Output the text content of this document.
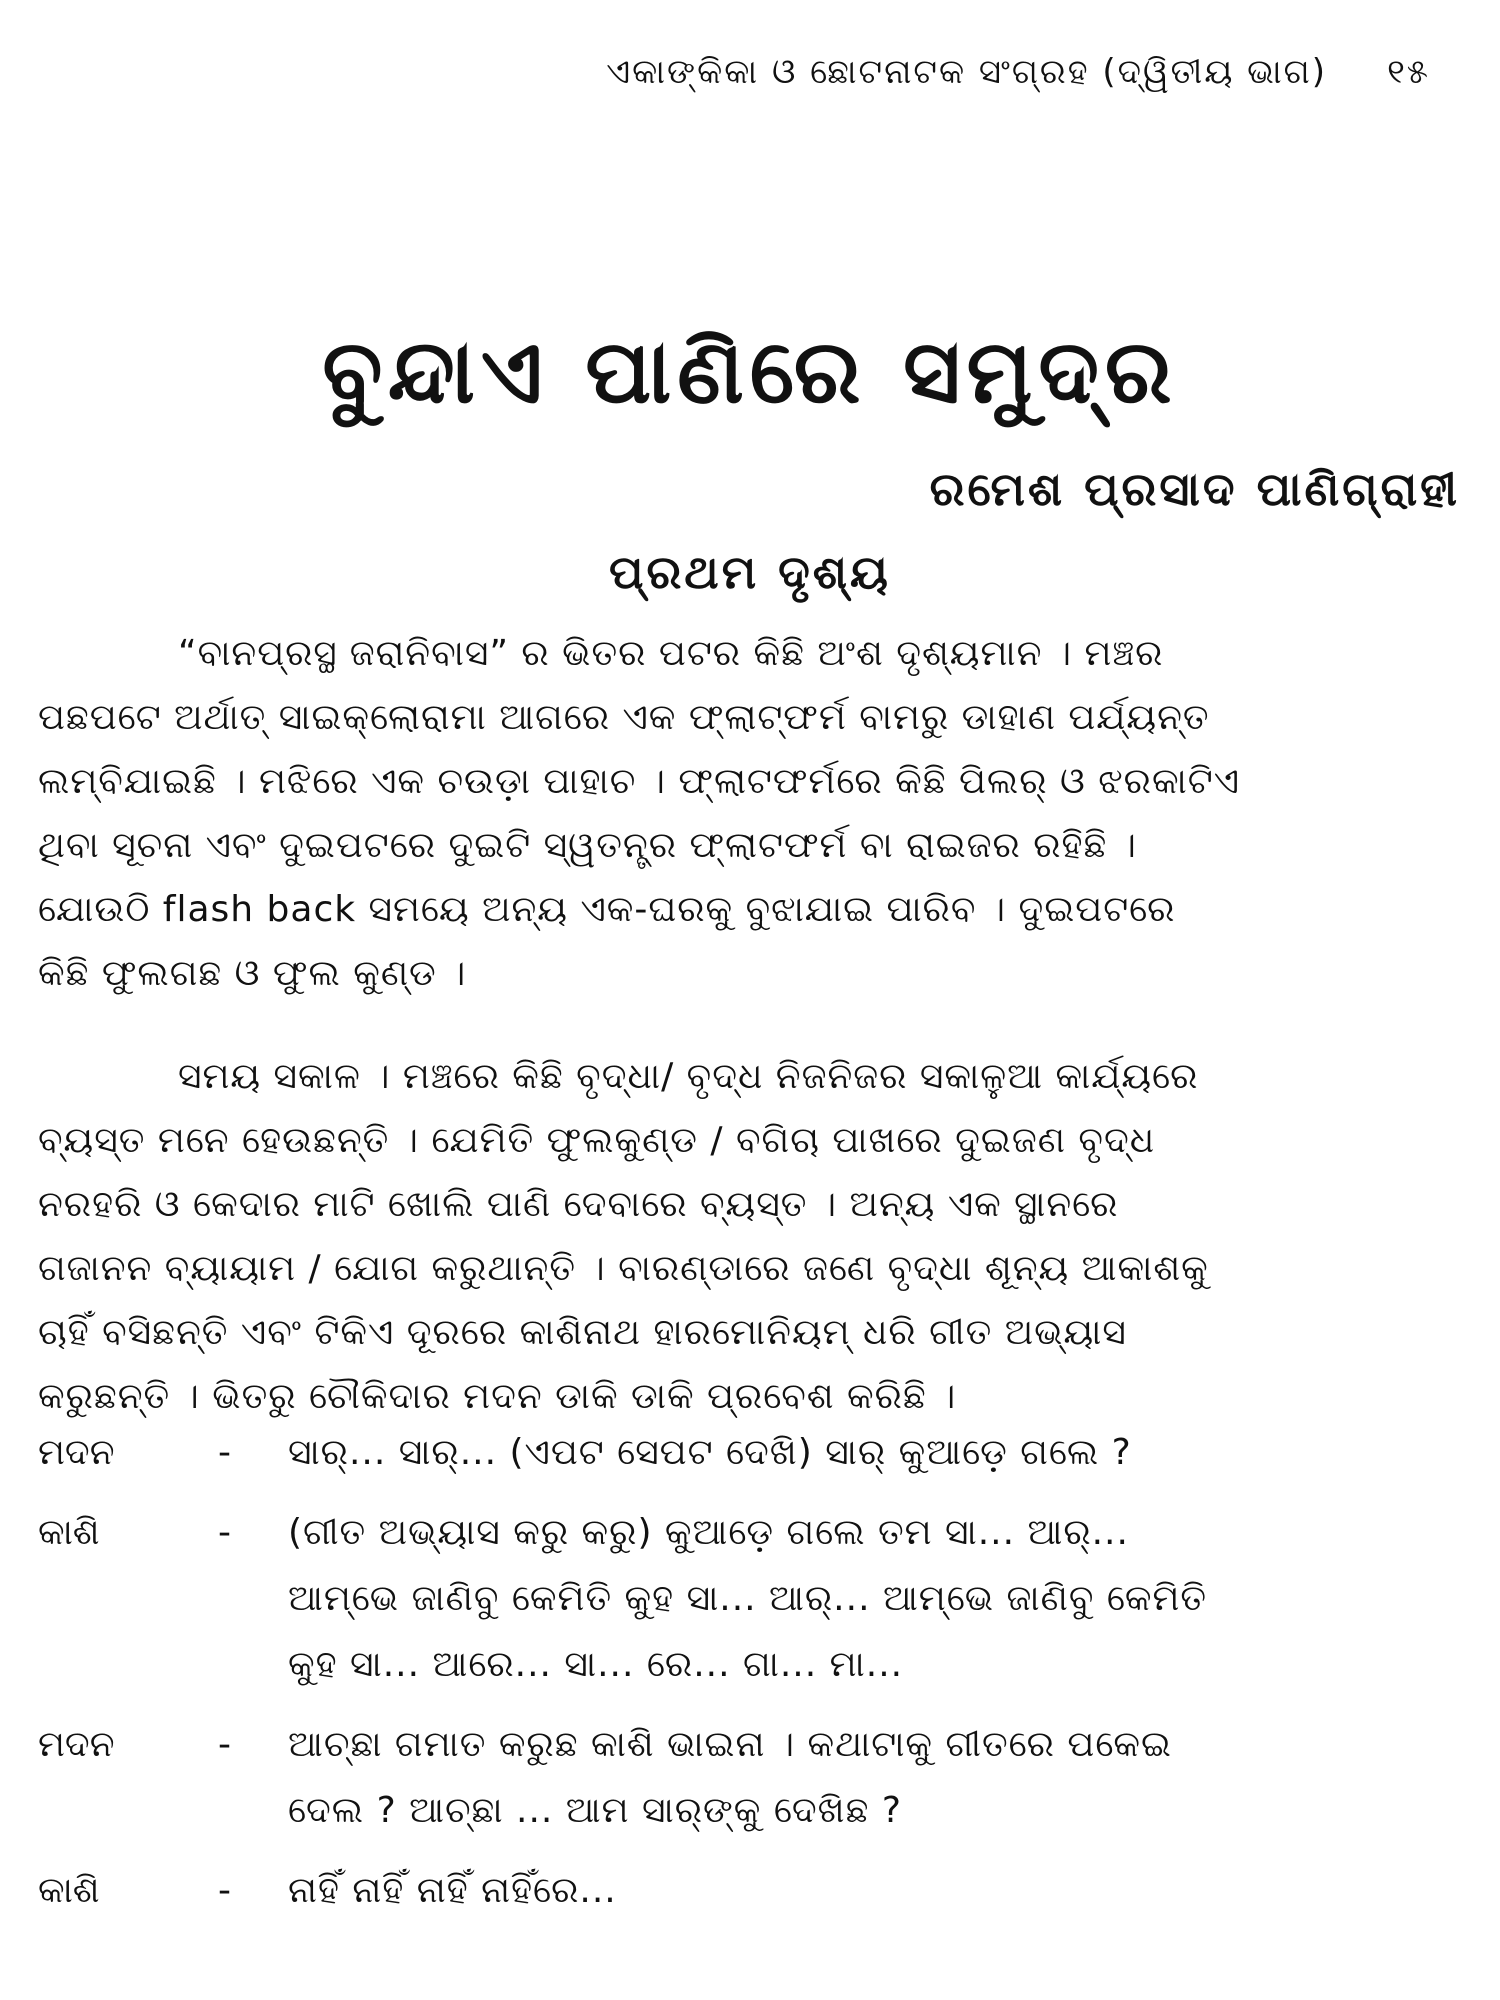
ଏକାଙ୍କିକା ଓ ଛୋଟନାଟକ ସଂଗ୍ରହ (ଦ୍ୱିତୀୟ ଭାଗ) ୧୫
ବୁନ୍ଦାଏ ପାଣିରେ ସମୁଦ୍ର
ରମେଶ ପ୍ରସାଦ ପାଣିଗ୍ରାହୀ
ପ୍ରଥମ ଦୃଶ୍ୟ
“ବାନପ୍ରସ୍ଥ ଜରାନିବାସ” ର ଭିତର ପଟର କିଛି ଅଂଶ ଦୃଶ୍ୟମାନ । ମଞ୍ଚର
ପଛପଟେ ଅର୍ଥାତ୍ ସାଇକ୍ଲୋରାମା ଆଗରେ ଏକ ଫ୍ଲାଟ୍‌ଫର୍ମ ବାମରୁ ଡାହାଣ ପର୍ଯ୍ୟନ୍ତ
ଲମ୍ବିଯାଇଛି । ମଝିରେ ଏକ ଚଉଡ଼ା ପାହାଚ । ଫ୍ଲାଟଫର୍ମରେ କିଛି ପିଲର୍ ଓ ଝରକାଟିଏ
ଥିବା ସୂଚନା ଏବଂ ଦୁଇପଟରେ ଦୁଇଟି ସ୍ୱତନ୍ତ୍ର ଫ୍ଲାଟଫର୍ମ ବା ରାଇଜର ରହିଛି ।
ଯୋଉଠି flash back ସମୟେ ଅନ୍ୟ ଏକ-ଘରକୁ ବୁଝାଯାଇ ପାରିବ । ଦୁଇପଟରେ
କିଛି ଫୁଲଗଛ ଓ ଫୁଲ କୁଣ୍ଡ ।
ସମୟ ସକାଳ । ମଞ୍ଚରେ କିଛି ବୃଦ୍ଧା/ ବୃଦ୍ଧ ନିଜନିଜର ସକାଳୁଆ କାର୍ଯ୍ୟରେ
ବ୍ୟସ୍ତ ମନେ ହେଉଛନ୍ତି । ଯେମିତି ଫୁଲକୁଣ୍ଡ / ବଗିଚା ପାଖରେ ଦୁଇଜଣ ବୃଦ୍ଧ
ନରହରି ଓ କେଦାର ମାଟି ଖୋଲି ପାଣି ଦେବାରେ ବ୍ୟସ୍ତ । ଅନ୍ୟ ଏକ ସ୍ଥାନରେ
ଗଜାନନ ବ୍ୟାୟାମ / ଯୋଗ କରୁଥାନ୍ତି । ବାରଣ୍ଡାରେ ଜଣେ ବୃଦ୍ଧା ଶୂନ୍ୟ ଆକାଶକୁ
ଚାହିଁ ବସିଛନ୍ତି ଏବଂ ଟିକିଏ ଦୂରରେ କାଶିନାଥ ହାରମୋନିୟମ୍ ଧରି ଗୀତ ଅଭ୍ୟାସ
କରୁଛନ୍ତି । ଭିତରୁ ଚୌକିଦାର ମଦନ ଡାକି ଡାକି ପ୍ରବେଶ କରିଛି ।
ମଦନ	-	ସାର୍... ସାର୍... (ଏପଟ ସେପଟ ଦେଖି) ସାର୍ କୁଆଡ଼େ ଗଲେ ?
କାଶି	-	(ଗୀତ ଅଭ୍ୟାସ କରୁ କରୁ) କୁଆଡ଼େ ଗଲେ ତମ ସା... ଆର୍...
ଆମ୍ଭେ ଜାଣିବୁ କେମିତି କୁହ ସା... ଆର୍... ଆମ୍ଭେ ଜାଣିବୁ କେମିତି
କୁହ ସା... ଆରେ... ସା... ରେ... ଗା... ମା...
ମଦନ	-	ଆଚ୍ଛା ଗମାତ କରୁଛ କାଶି ଭାଇନା । କଥାଟାକୁ ଗୀତରେ ପକେଇ
ଦେଲ ? ଆଚ୍ଛା ... ଆମ ସାର୍‌ଙ୍କୁ ଦେଖିଛ ?
କାଶି	-	ନାହିଁ ନାହିଁ ନାହିଁ ନାହିଁରେ...
